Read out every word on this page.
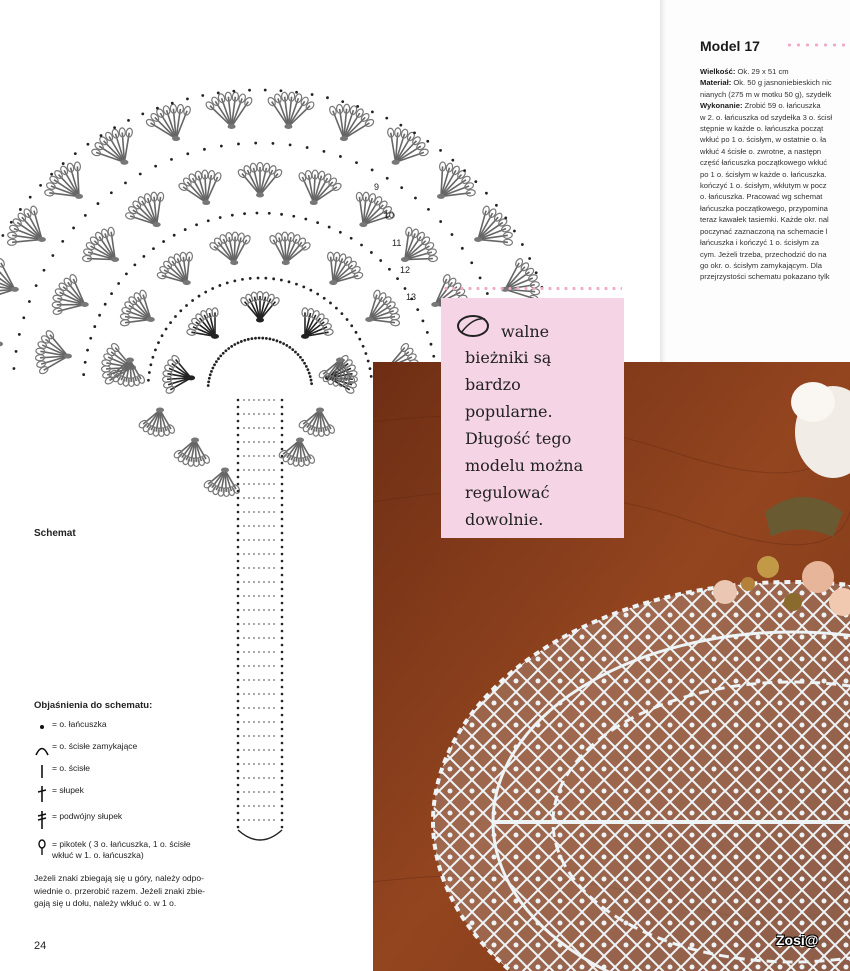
9
10
11
12
13
Schemat
Objaśnienia do schematu:
= o. łańcuszka
= o. ścisłe zamykające
= o. ścisłe
= słupek
= podwójny słupek
= pikotek ( 3 o. łańcuszka, 1 o. ścisłe
wkłuć w 1. o. łańcuszka)
Jeżeli znaki zbiegają się u góry, należy odpo-
wiednie o. przerobić razem. Jeżeli znaki zbie-
gają się u dołu, należy wkłuć o. w 1 o.
24
Model 17
Wielkość: Ok. 29 x 51 cm
Materiał: Ok. 50 g jasnoniebieskich nic
nianych (275 m w motku 50 g), szydełk
Wykonanie: Zrobić 59 o. łańcuszka
w 2. o. łańcuszka od szydełka 3 o. ścisł
stępnie w każde o. łańcuszka począt
wkłuć po 1 o. ścisłym, w ostatnie o. ła
wkłuć 4 ścisłe o. zwrotne, a następn
część łańcuszka początkowego wkłuć
po 1 o. ścisłym w każde o. łańcuszka.
kończyć 1 o. ścisłym, wkłutym w pocz
o. łańcuszka. Pracować wg schemat
łańcuszka początkowego, przypomina
teraz kawałek tasiemki. Każde okr. nal
poczynać zaznaczoną na schemacie l
łańcuszka i kończyć 1 o. ścisłym za
cym. Jeżeli trzeba, przechodzić do na
go okr. o. ścisłym zamykającym. Dla
przejrzystości schematu pokazano tylk
O walne
bieżniki są
bardzo
popularne.
Długość tego
modelu można
regulować
dowolnie.
Zosi@
